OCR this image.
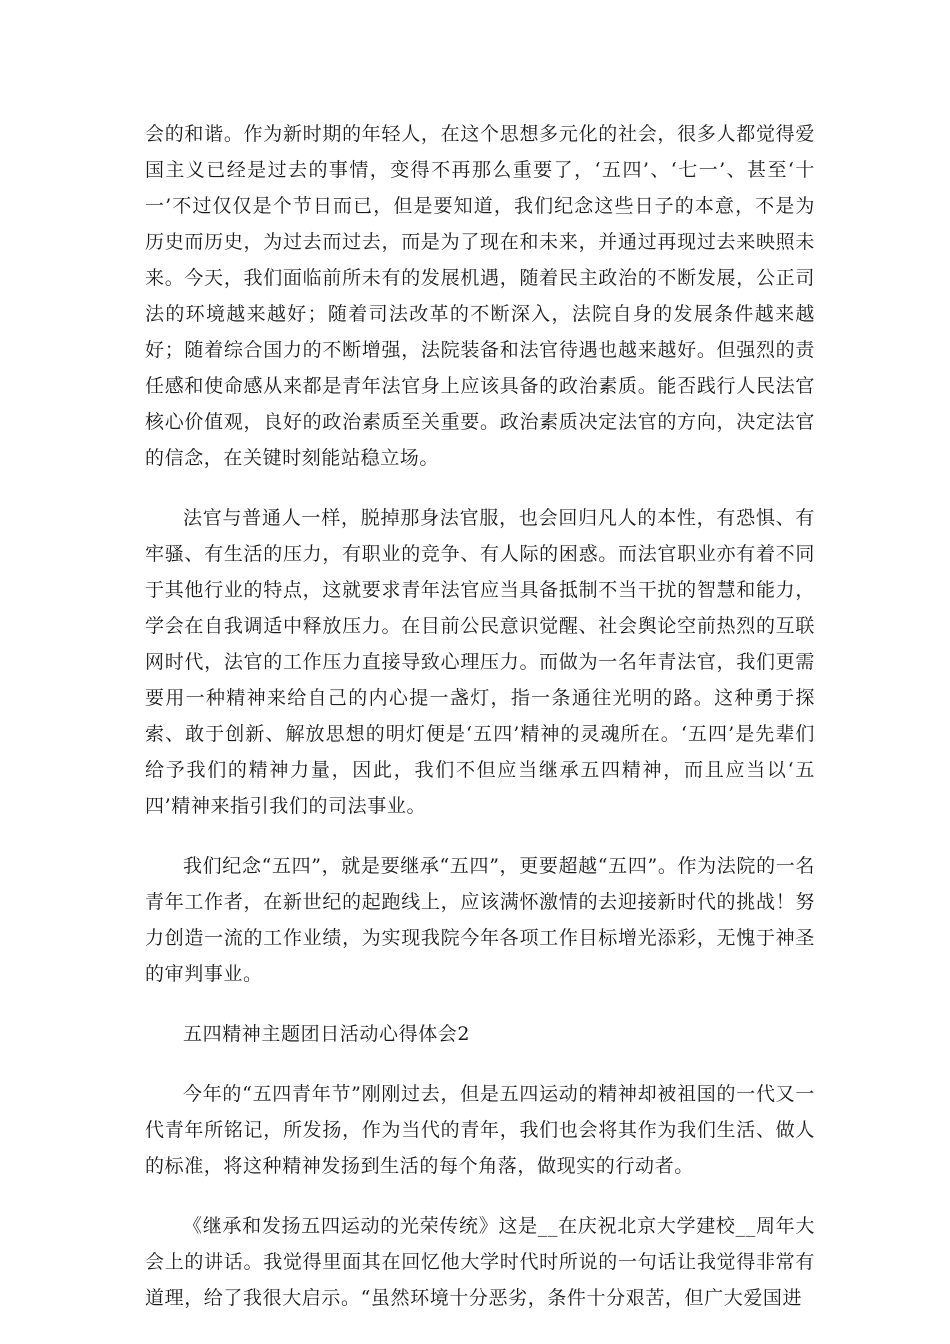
会的和谐。作为新时期的年轻人，在这个思想多元化的社会，很多人都觉得爱国主义已经是过去的事情，变得不再那么重要了，‘五四’、‘七一’、甚至‘十一’不过仅仅是个节日而已，但是要知道，我们纪念这些日子的本意，不是为历史而历史，为过去而过去，而是为了现在和未来，并通过再现过去来映照未来。今天，我们面临前所未有的发展机遇，随着民主政治的不断发展，公正司法的环境越来越好；随着司法改革的不断深入，法院自身的发展条件越来越好；随着综合国力的不断增强，法院装备和法官待遇也越来越好。但强烈的责任感和使命感从来都是青年法官身上应该具备的政治素质。能否践行人民法官核心价值观，良好的政治素质至关重要。政治素质决定法官的方向，决定法官的信念，在关键时刻能站稳立场。

法官与普通人一样，脱掉那身法官服，也会回归凡人的本性，有恐惧、有牢骚、有生活的压力，有职业的竞争、有人际的困惑。而法官职业亦有着不同于其他行业的特点，这就要求青年法官应当具备抵制不当干扰的智慧和能力，学会在自我调适中释放压力。在目前公民意识觉醒、社会舆论空前热烈的互联网时代，法官的工作压力直接导致心理压力。而做为一名年青法官，我们更需要用一种精神来给自己的内心提一盏灯，指一条通往光明的路。这种勇于探索、敢于创新、解放思想的明灯便是‘五四’精神的灵魂所在。‘五四’是先辈们给予我们的精神力量，因此，我们不但应当继承五四精神，而且应当以‘五四’精神来指引我们的司法事业。

我们纪念“五四”，就是要继承“五四”，更要超越“五四”。作为法院的一名青年工作者，在新世纪的起跑线上，应该满怀激情的去迎接新时代的挑战！努力创造一流的工作业绩，为实现我院今年各项工作目标增光添彩，无愧于神圣的审判事业。

五四精神主题团日活动心得体会2

今年的“五四青年节”刚刚过去，但是五四运动的精神却被祖国的一代又一代青年所铭记，所发扬，作为当代的青年，我们也会将其作为我们生活、做人的标准，将这种精神发扬到生活的每个角落，做现实的行动者。

《继承和发扬五四运动的光荣传统》这是__在庆祝北京大学建校__周年大会上的讲话。我觉得里面其在回忆他大学时代时所说的一句话让我觉得非常有道理，给了我很大启示。“虽然环境十分恶劣，条件十分艰苦，但广大爱国进
